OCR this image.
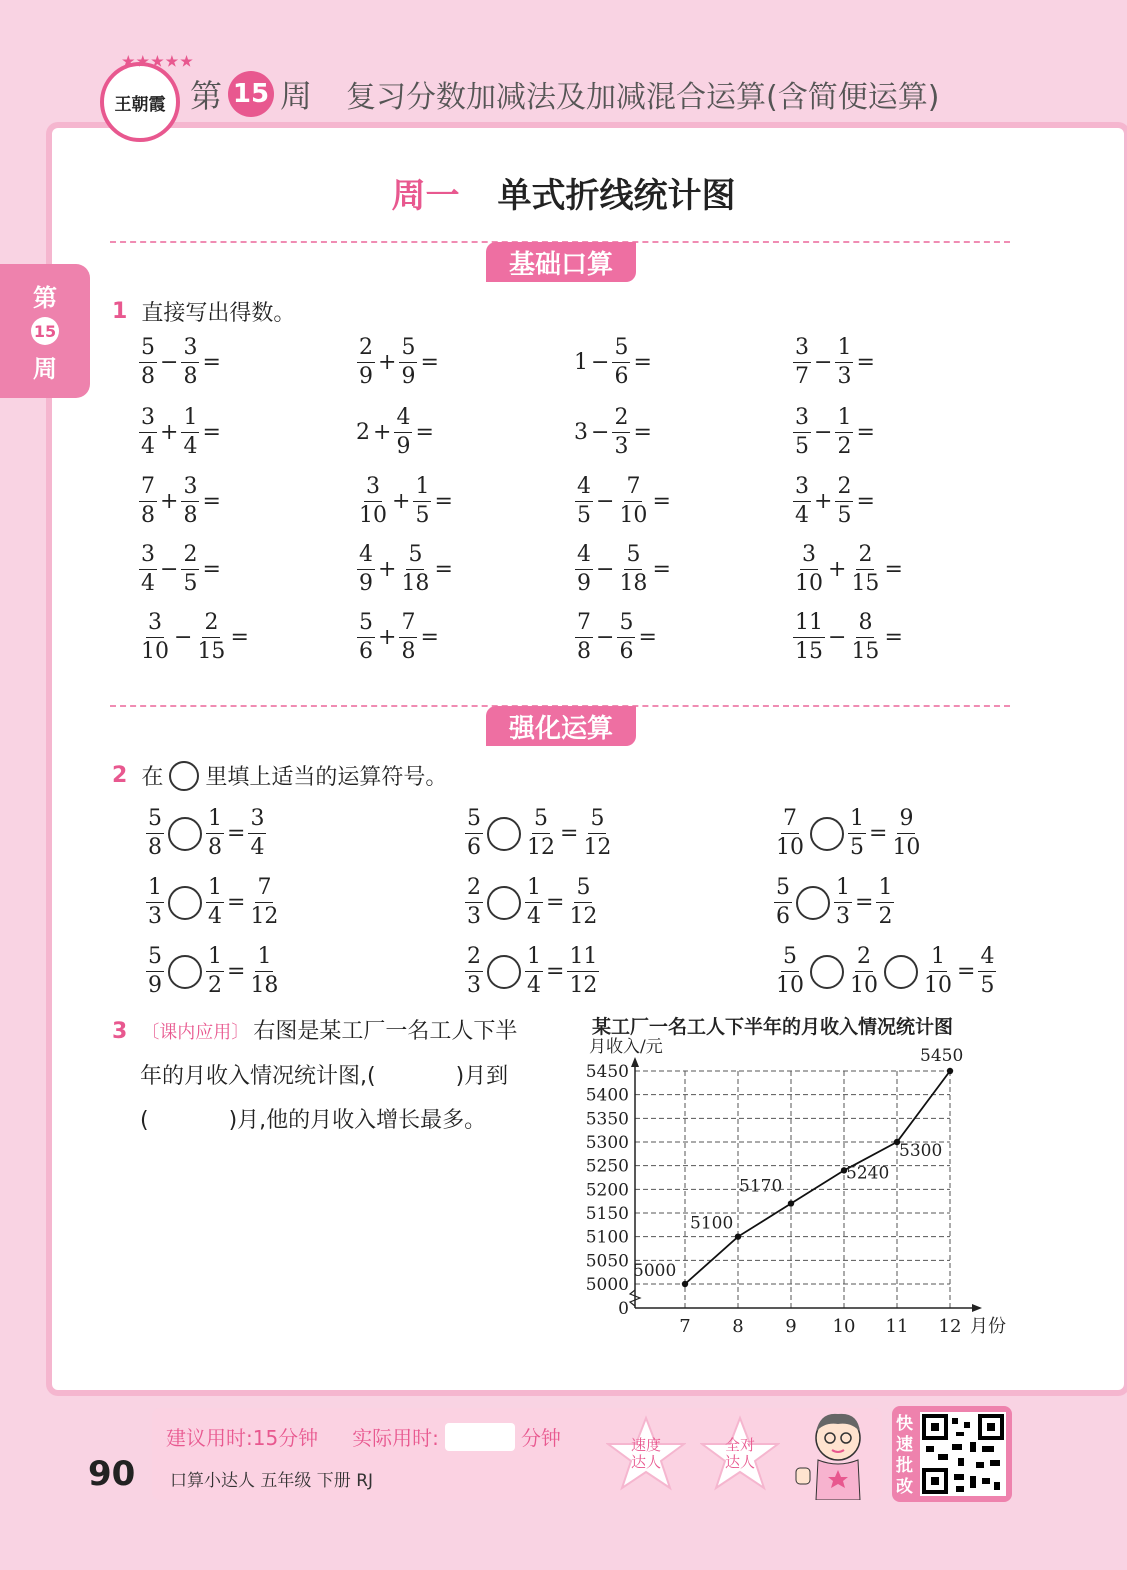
★★★★★
王朝霞 第 15 周 复习分数加减法及加减混合运算(含简便运算)
第
15
周
周一 单式折线统计图
基础口算
1 直接写出得数。
$\frac{5}{8} - \frac{3}{8}$ =	$\frac{2}{9} + \frac{5}{9}$ =	$1 - \frac{5}{6}$ =	$\frac{3}{7} - \frac{1}{3}$ =
$\frac{3}{4} + \frac{1}{4}$ =	$2 + \frac{4}{9}$ =	$3 - \frac{2}{3}$ =	$\frac{3}{5} - \frac{1}{2}$ =
$\frac{7}{8} + \frac{3}{8}$ =	$\frac{3}{10} + \frac{1}{5}$ =	$\frac{4}{5} - \frac{7}{10}$ =	$\frac{3}{4} + \frac{2}{5}$ =
$\frac{3}{4} - \frac{2}{5}$ =	$\frac{4}{9} + \frac{5}{18}$ =	$\frac{4}{9} - \frac{5}{18}$ =	$\frac{3}{10} + \frac{2}{15}$ =
$\frac{3}{10} - \frac{2}{15}$ =	$\frac{5}{6} + \frac{7}{8}$ =	$\frac{7}{8} - \frac{5}{6}$ =	$\frac{11}{15} - \frac{8}{15}$ =
强化运算
2 在 里填上适当的运算符号。
$\frac{5}{8} \frac{1}{8} = \frac{3}{4}$	$\frac{5}{6} \frac{5}{12} = \frac{5}{12}$	$\frac{7}{10} \frac{1}{5} = \frac{9}{10}$
$\frac{1}{3} \frac{1}{4} = \frac{7}{12}$	$\frac{2}{3} \frac{1}{4} = \frac{5}{12}$	$\frac{5}{6} \frac{1}{3} = \frac{1}{2}$
$\frac{5}{9} \frac{1}{2} = \frac{1}{18}$	$\frac{2}{3} \frac{1}{4} = \frac{11}{12}$	$\frac{5}{10} \frac{2}{10} \frac{1}{10} = \frac{4}{5}$
3 〔课内应用〕 右图是某工厂一名工人下半
年的月收入情况统计图,(	)月到
(	)月,他的月收入增长最多。
某工厂一名工人下半年的月收入情况统计图
5450
5400
5350
5300
5250
5200
5150
5100
5050
5000
0
7 8 9 10 11 12
月收入/元
月份
5000
5100
5170
5240
5300
5450
建议用时:15分钟 实际用时:	分钟
口算小达人 五年级 下册 RJ
90
速度达人
全对达人
快速批改
